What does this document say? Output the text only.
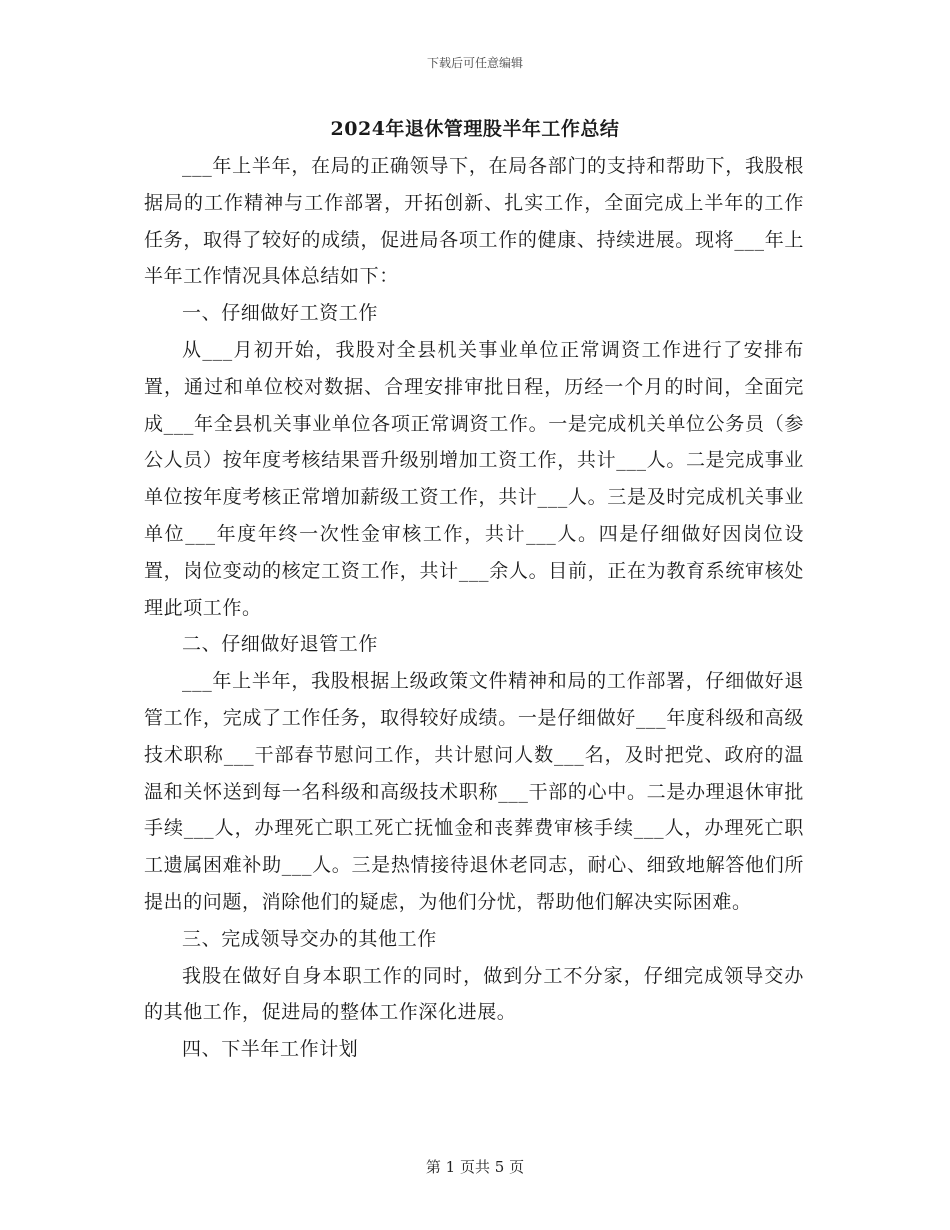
下载后可任意编辑
2024年退休管理股半年工作总结

___年上半年，在局的正确领导下，在局各部门的支持和帮助下，我股根据局的工作精神与工作部署，开拓创新、扎实工作，全面完成上半年的工作任务，取得了较好的成绩，促进局各项工作的健康、持续进展。现将___年上半年工作情况具体总结如下：

一、仔细做好工资工作

从___月初开始，我股对全县机关事业单位正常调资工作进行了安排布置，通过和单位校对数据、合理安排审批日程，历经一个月的时间，全面完成___年全县机关事业单位各项正常调资工作。一是完成机关单位公务员（参公人员）按年度考核结果晋升级别增加工资工作，共计___人。二是完成事业单位按年度考核正常增加薪级工资工作，共计___人。三是及时完成机关事业单位___年度年终一次性金审核工作，共计___人。四是仔细做好因岗位设置，岗位变动的核定工资工作，共计___余人。目前，正在为教育系统审核处理此项工作。

二、仔细做好退管工作

___年上半年，我股根据上级政策文件精神和局的工作部署，仔细做好退管工作，完成了工作任务，取得较好成绩。一是仔细做好___年度科级和高级技术职称___干部春节慰问工作，共计慰问人数___名，及时把党、政府的温温和关怀送到每一名科级和高级技术职称___干部的心中。二是办理退休审批手续___人，办理死亡职工死亡抚恤金和丧葬费审核手续___人，办理死亡职工遗属困难补助___人。三是热情接待退休老同志，耐心、细致地解答他们所提出的问题，消除他们的疑虑，为他们分忧，帮助他们解决实际困难。

三、完成领导交办的其他工作

我股在做好自身本职工作的同时，做到分工不分家，仔细完成领导交办的其他工作，促进局的整体工作深化进展。

四、下半年工作计划

第 1 页共 5 页
